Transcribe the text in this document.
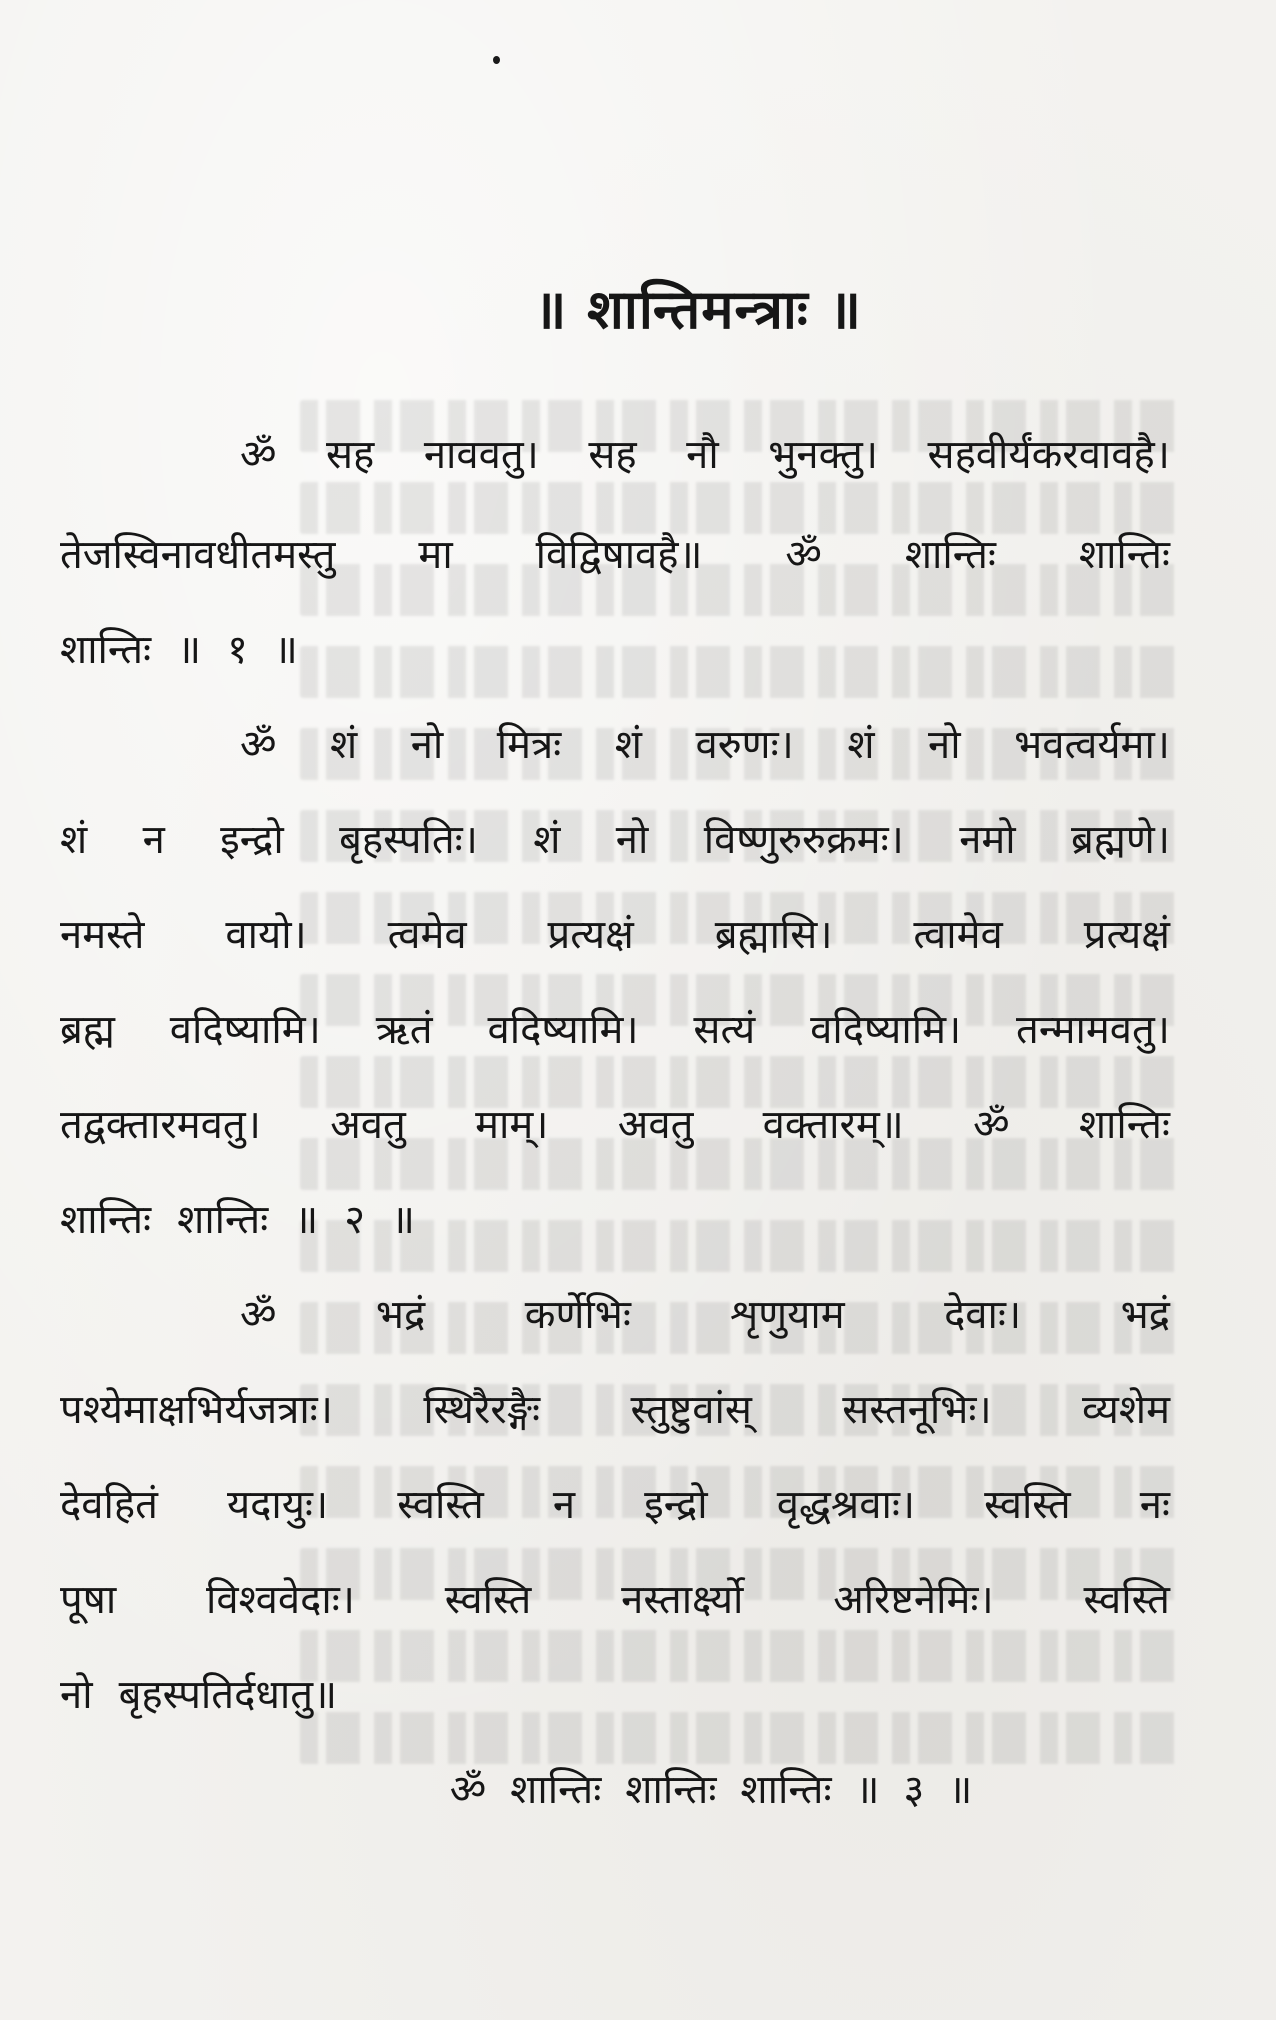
॥ शान्तिमन्त्राः ॥
ॐ सह नाववतु। सह नौ भुनक्तु। सहवीर्यंकरवावहै।
तेजस्विनावधीतमस्तु मा विद्विषावहै॥ ॐ शान्तिः शान्तिः
शान्तिः ॥ १ ॥
ॐ शं नो मित्रः शं वरुणः। शं नो भवत्वर्यमा।
शं न इन्द्रो बृहस्पतिः। शं नो विष्णुरुरुक्रमः। नमो ब्रह्मणे।
नमस्ते वायो। त्वमेव प्रत्यक्षं ब्रह्मासि। त्वामेव प्रत्यक्षं
ब्रह्म वदिष्यामि। ऋतं वदिष्यामि। सत्यं वदिष्यामि। तन्मामवतु।
तद्वक्तारमवतु। अवतु माम्। अवतु वक्तारम्॥ ॐ शान्तिः
शान्तिः शान्तिः ॥ २ ॥
ॐ भद्रं कर्णेभिः शृणुयाम देवाः। भद्रं
पश्येमाक्षभिर्यजत्राः। स्थिरैरङ्गैः स्तुष्टुवांस् सस्तनूभिः। व्यशेम
देवहितं यदायुः। स्वस्ति न इन्द्रो वृद्धश्रवाः। स्वस्ति नः
पूषा विश्ववेदाः। स्वस्ति नस्तार्क्ष्यो अरिष्टनेमिः। स्वस्ति
नो बृहस्पतिर्दधातु॥
ॐ शान्तिः शान्तिः शान्तिः ॥ ३ ॥
